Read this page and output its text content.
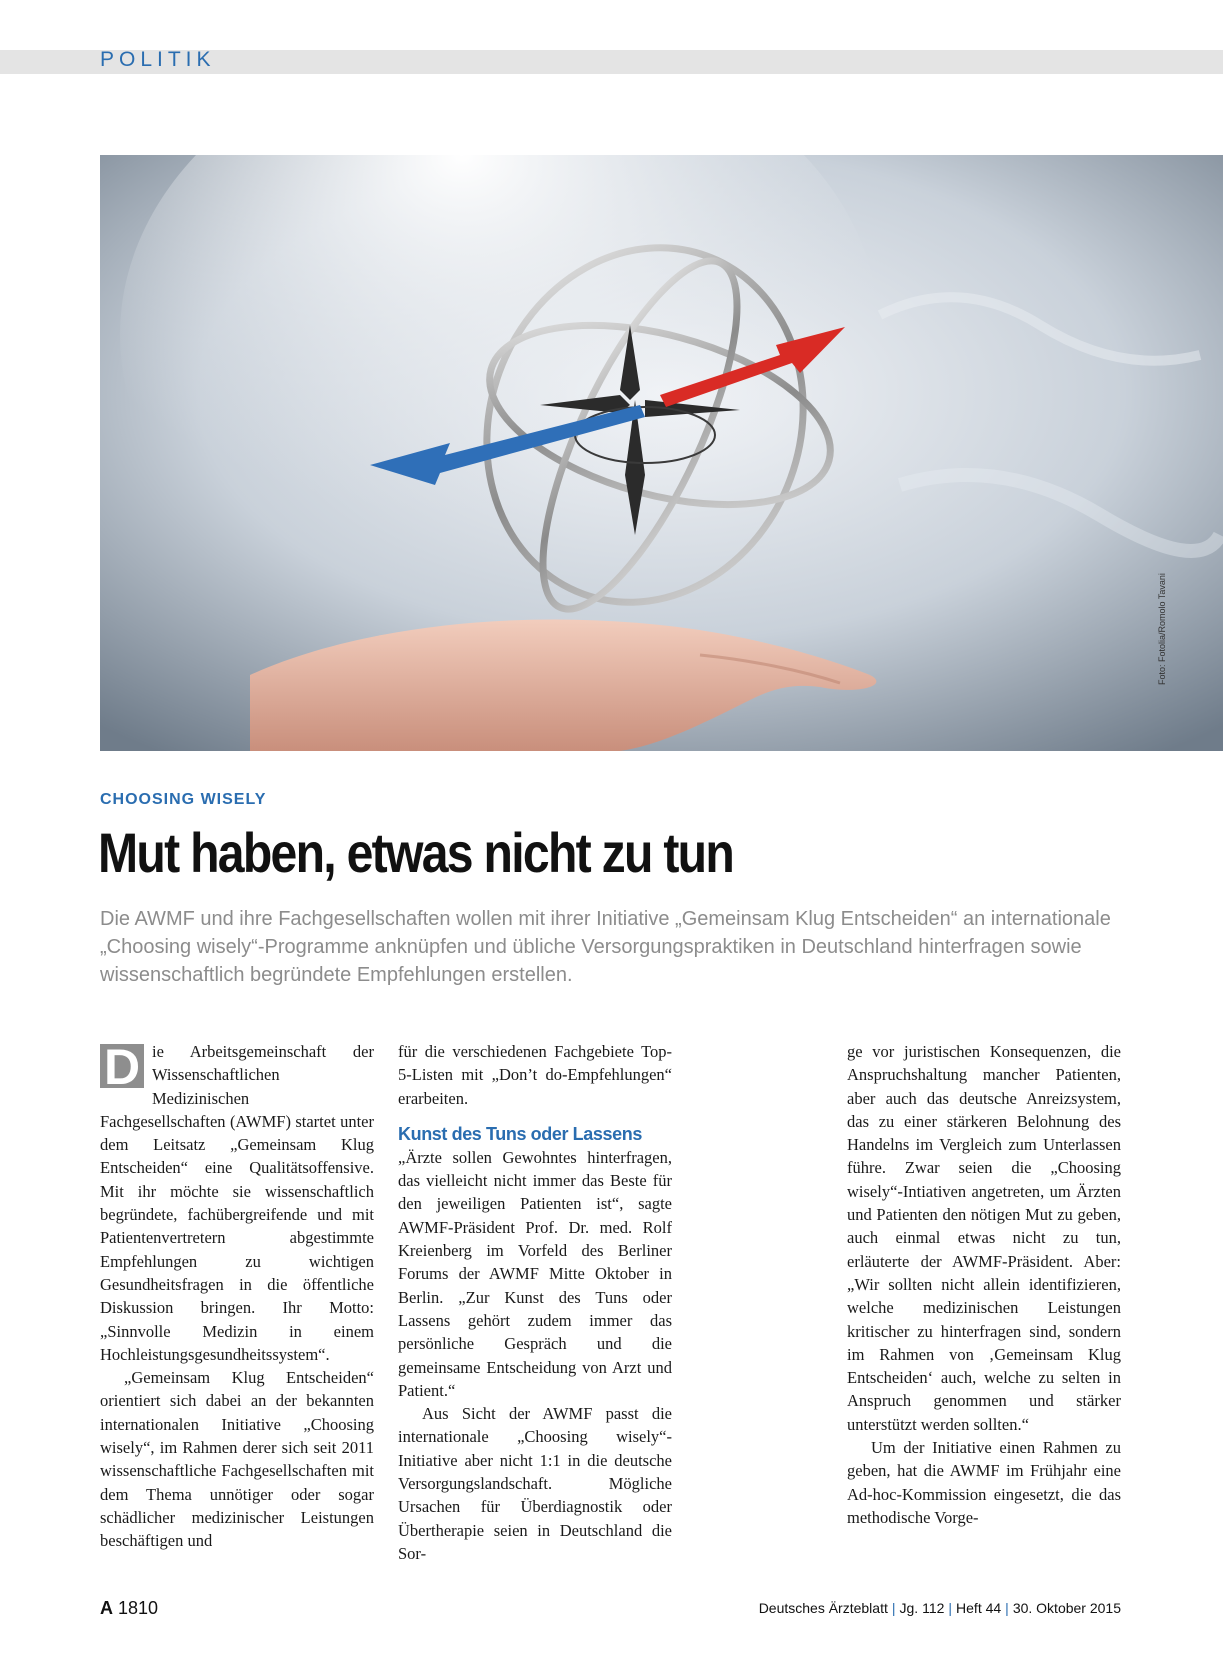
POLITIK
Foto: Fotolia/Romolo Tavani
CHOOSING WISELY
Mut haben, etwas nicht zu tun
Die AWMF und ihre Fachgesellschaften wollen mit ihrer Initiative „Gemeinsam Klug Entscheiden“ an internationale „Choosing wisely“-Programme anknüpfen und übliche Versorgungspraktiken in Deutschland hinterfragen sowie wissenschaftlich begründete Empfehlungen erstellen.

D ie Arbeitsgemeinschaft der Wissenschaftlichen Medizinischen Fachgesellschaften (AWMF) startet unter dem Leitsatz „Gemeinsam Klug Entscheiden“ eine Qualitätsoffensive. Mit ihr möchte sie wissenschaftlich begründete, fachübergreifende und mit Patientenvertretern abgestimmte Empfehlungen zu wichtigen Gesundheitsfragen in die öffentliche Diskussion bringen. Ihr Motto: „Sinnvolle Medizin in einem Hochleistungsgesundheitssystem“.

„Gemeinsam Klug Entscheiden“ orientiert sich dabei an der bekannten internationalen Initiative „Choosing wisely“, im Rahmen derer sich seit 2011 wissenschaftliche Fachgesellschaften mit dem Thema unnötiger oder sogar schädlicher medizinischer Leistungen beschäftigen und

für die verschiedenen Fachgebiete Top-5-Listen mit „Don’t do-Empfehlungen“ erarbeiten.

Kunst des Tuns oder Lassens

„Ärzte sollen Gewohntes hinterfragen, das vielleicht nicht immer das Beste für den jeweiligen Patienten ist“, sagte AWMF-Präsident Prof. Dr. med. Rolf Kreienberg im Vorfeld des Berliner Forums der AWMF Mitte Oktober in Berlin. „Zur Kunst des Tuns oder Lassens gehört zudem immer das persönliche Gespräch und die gemeinsame Entscheidung von Arzt und Patient.“

Aus Sicht der AWMF passt die internationale „Choosing wisely“-Initiative aber nicht 1:1 in die deutsche Versorgungslandschaft. Mögliche Ursachen für Überdiagnostik oder Übertherapie seien in Deutschland die Sor-

ge vor juristischen Konsequenzen, die Anspruchshaltung mancher Patienten, aber auch das deutsche Anreizsystem, das zu einer stärkeren Belohnung des Handelns im Vergleich zum Unterlassen führe. Zwar seien die „Choosing wisely“-Intiativen angetreten, um Ärzten und Patienten den nötigen Mut zu geben, auch einmal etwas nicht zu tun, erläuterte der AWMF-Präsident. Aber: „Wir sollten nicht allein identifizieren, welche medizinischen Leistungen kritischer zu hinterfragen sind, sondern im Rahmen von ‚Gemeinsam Klug Entscheiden‘ auch, welche zu selten in Anspruch genommen und stärker unterstützt werden sollten.“

Um der Initiative einen Rahmen zu geben, hat die AWMF im Frühjahr eine Ad-hoc-Kommission eingesetzt, die das methodische Vorge-

A 1810	Deutsches Ärzteblatt | Jg. 112 | Heft 44 | 30. Oktober 2015
